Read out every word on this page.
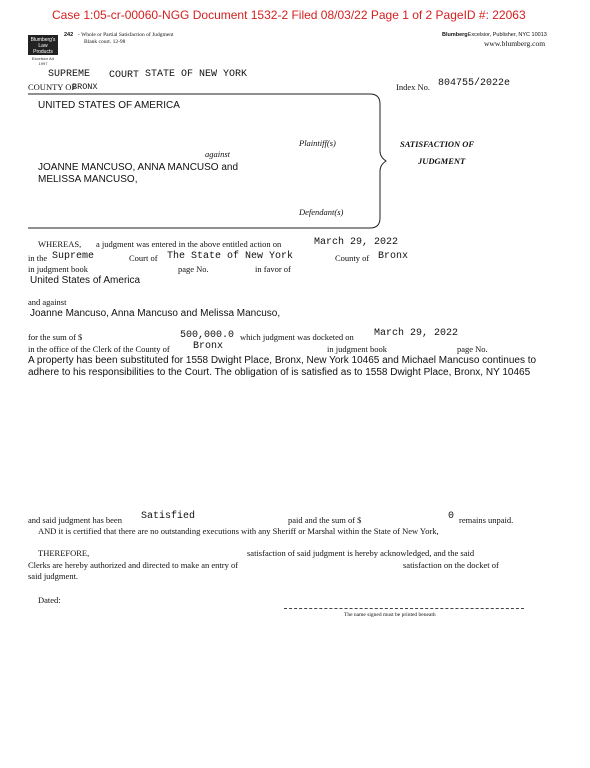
Case 1:05-cr-00060-NGG Document 1532-2 Filed 08/03/22 Page 1 of 2 PageID #: 22063
Blumberg's
Law Products
Excelsior Art 1997
242 - Whole or Partial Satisfaction of Judgment
Blank court. 12-98
BlumbergExcelsior, Publisher, NYC 10013
www.blumberg.com
SUPREME COURT STATE OF NEW YORK
COUNTY OF
BRONX	Index No. 804755/2022e
UNITED STATES OF AMERICA
Plaintiff(s)
against
JOANNE MANCUSO, ANNA MANCUSO and
MELISSA MANCUSO,
Defendant(s)
SATISFACTION OF
JUDGMENT
WHEREAS, a judgment was entered in the above entitled action on	March 29, 2022
in the Supreme	Court of The State of New York	County of Bronx
in judgment book	page No.	in favor of
United States of America
and against
Joanne Mancuso, Anna Mancuso and Melissa Mancuso,
for the sum of $	500,000.0 which judgment was docketed on March 29, 2022
in the office of the Clerk of the County of Bronx	in judgment book	page No.
A property has been substituted for 1558 Dwight Place, Bronx, New York 10465 and Michael Mancuso continues to adhere to his responsibilities to the Court. The obligation of is satisfied as to 1558 Dwight Place, Bronx, NY 10465
and said judgment has been Satisfied	paid and the sum of $	0 remains unpaid.
AND it is certified that there are no outstanding executions with any Sheriff or Marshal within the State of New York,
THEREFORE,	satisfaction of said judgment is hereby acknowledged, and the said
Clerks are hereby authorized and directed to make an entry of	satisfaction on the docket of
said judgment.
Dated:
The name signed must be printed beneath
